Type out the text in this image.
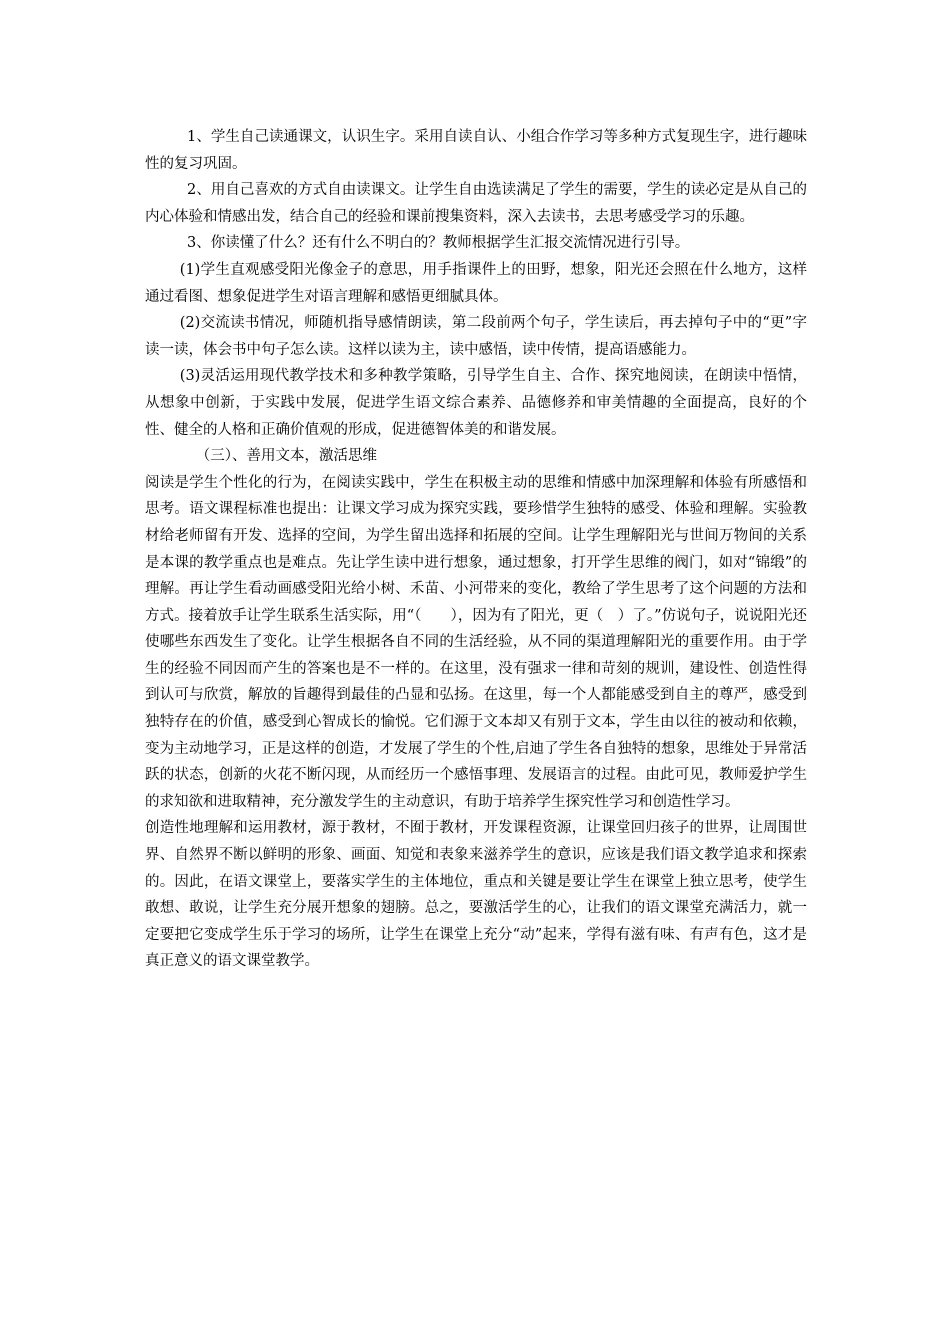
1、学生自己读通课文，认识生字。采用自读自认、小组合作学习等多种方式复现生字，进行趣味性的复习巩固。

2、用自己喜欢的方式自由读课文。让学生自由选读满足了学生的需要，学生的读必定是从自己的内心体验和情感出发，结合自己的经验和课前搜集资料，深入去读书，去思考感受学习的乐趣。

3、你读懂了什么？还有什么不明白的？教师根据学生汇报交流情况进行引导。

(1)学生直观感受阳光像金子的意思，用手指课件上的田野，想象，阳光还会照在什么地方，这样通过看图、想象促进学生对语言理解和感悟更细腻具体。

(2)交流读书情况，师随机指导感情朗读，第二段前两个句子，学生读后，再去掉句子中的“更”字读一读，体会书中句子怎么读。这样以读为主，读中感悟，读中传情，提高语感能力。

(3)灵活运用现代教学技术和多种教学策略，引导学生自主、合作、探究地阅读，在朗读中悟情，从想象中创新，于实践中发展，促进学生语文综合素养、品德修养和审美情趣的全面提高，良好的个性、健全的人格和正确价值观的形成，促进德智体美的和谐发展。

（三）、善用文本，激活思维

阅读是学生个性化的行为，在阅读实践中，学生在积极主动的思维和情感中加深理解和体验有所感悟和思考。语文课程标准也提出：让课文学习成为探究实践，要珍惜学生独特的感受、体验和理解。实验教材给老师留有开发、选择的空间，为学生留出选择和拓展的空间。让学生理解阳光与世间万物间的关系是本课的教学重点也是难点。先让学生读中进行想象，通过想象，打开学生思维的阀门，如对“锦缎”的理解。再让学生看动画感受阳光给小树、禾苗、小河带来的变化，教给了学生思考了这个问题的方法和方式。接着放手让学生联系生活实际，用“（　　），因为有了阳光，更（　）了。”仿说句子，说说阳光还使哪些东西发生了变化。让学生根据各自不同的生活经验，从不同的渠道理解阳光的重要作用。由于学生的经验不同因而产生的答案也是不一样的。在这里，没有强求一律和苛刻的规训，建设性、创造性得到认可与欣赏，解放的旨趣得到最佳的凸显和弘扬。在这里，每一个人都能感受到自主的尊严，感受到独特存在的价值，感受到心智成长的愉悦。它们源于文本却又有别于文本，学生由以往的被动和依赖，变为主动地学习，正是这样的创造，才发展了学生的个性,启迪了学生各自独特的想象，思维处于异常活跃的状态，创新的火花不断闪现，从而经历一个感悟事理、发展语言的过程。由此可见，教师爱护学生的求知欲和进取精神，充分激发学生的主动意识，有助于培养学生探究性学习和创造性学习。

创造性地理解和运用教材，源于教材，不囿于教材，开发课程资源，让课堂回归孩子的世界，让周围世界、自然界不断以鲜明的形象、画面、知觉和表象来滋养学生的意识，应该是我们语文教学追求和探索的。因此，在语文课堂上，要落实学生的主体地位，重点和关键是要让学生在课堂上独立思考，使学生敢想、敢说，让学生充分展开想象的翅膀。总之，要激活学生的心，让我们的语文课堂充满活力，就一定要把它变成学生乐于学习的场所，让学生在课堂上充分“动”起来，学得有滋有味、有声有色，这才是真正意义的语文课堂教学。
